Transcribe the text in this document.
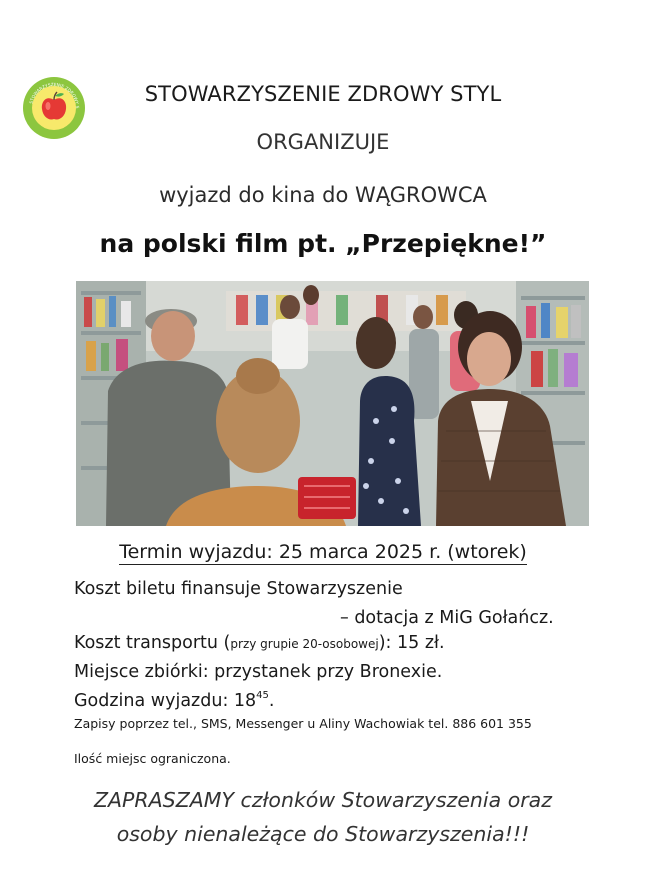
STOWARZYSZENIE ZDROWY S
STOWARZYSZENIE ZDROWY STYL
ORGANIZUJE
wyjazd do kina do WĄGROWCA
na polski film pt. „Przepiękne!”
Termin wyjazdu: 25 marca 2025 r. (wtorek)
Koszt biletu finansuje Stowarzyszenie
– dotacja z MiG Gołańcz.
Koszt transportu (przy grupie 20-osobowej): 15 zł.
Miejsce zbiórki: przystanek przy Bronexie.
Godzina wyjazdu: $18^{45}$.
Zapisy poprzez tel., SMS, Messenger u Aliny Wachowiak tel. 886 601 355
Ilość miejsc ograniczona.
ZAPRASZAMY członków Stowarzyszenia oraz
osoby nienależące do Stowarzyszenia!!!
